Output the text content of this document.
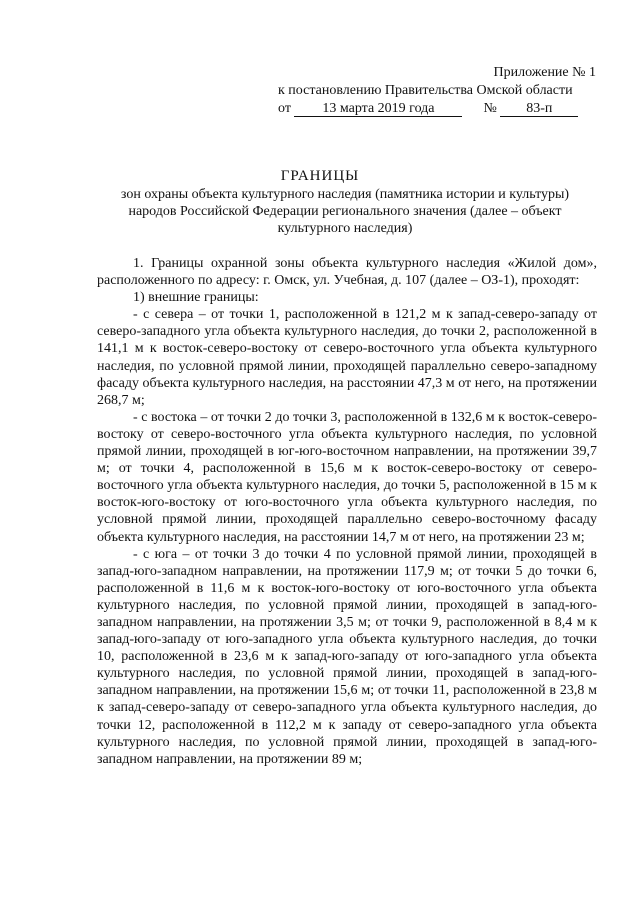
Приложение № 1
к постановлению Правительства Омской области
от 13 марта 2019 года	№ 83-п
ГРАНИЦЫ
зон охраны объекта культурного наследия (памятника истории и культуры) народов Российской Федерации регионального значения (далее – объект культурного наследия)

1. Границы охранной зоны объекта культурного наследия «Жилой дом», расположенного по адресу: г. Омск, ул. Учебная, д. 107 (далее – ОЗ-1), проходят:

1) внешние границы:

- с севера – от точки 1, расположенной в 121,2 м к запад-северо-западу от северо-западного угла объекта культурного наследия, до точки 2, расположенной в 141,1 м к восток-северо-востоку от северо-восточного угла объекта культурного наследия, по условной прямой линии, проходящей параллельно северо-западному фасаду объекта культурного наследия, на расстоянии 47,3 м от него, на протяжении 268,7 м;

- с востока – от точки 2 до точки 3, расположенной в 132,6 м к восток-северо-востоку от северо-восточного угла объекта культурного наследия, по условной прямой линии, проходящей в юг-юго-восточном направлении, на протяжении 39,7 м; от точки 4, расположенной в 15,6 м к восток-северо-востоку от северо-восточного угла объекта культурного наследия, до точки 5, расположенной в 15 м к восток-юго-востоку от юго-восточного угла объекта культурного наследия, по условной прямой линии, проходящей параллельно северо-восточному фасаду объекта культурного наследия, на расстоянии 14,7 м от него, на протяжении 23 м;

- с юга – от точки 3 до точки 4 по условной прямой линии, проходящей в запад-юго-западном направлении, на протяжении 117,9 м; от точки 5 до точки 6, расположенной в 11,6 м к восток-юго-востоку от юго-восточного угла объекта культурного наследия, по условной прямой линии, проходящей в запад-юго-западном направлении, на протяжении 3,5 м; от точки 9, расположенной в 8,4 м к запад-юго-западу от юго-западного угла объекта культурного наследия, до точки 10, расположенной в 23,6 м к запад-юго-западу от юго-западного угла объекта культурного наследия, по условной прямой линии, проходящей в запад-юго-западном направлении, на протяжении 15,6 м; от точки 11, расположенной в 23,8 м к запад-северо-западу от северо-западного угла объекта культурного наследия, до точки 12, расположенной в 112,2 м к западу от северо-западного угла объекта культурного наследия, по условной прямой линии, проходящей в запад-юго-западном направлении, на протяжении 89 м;
